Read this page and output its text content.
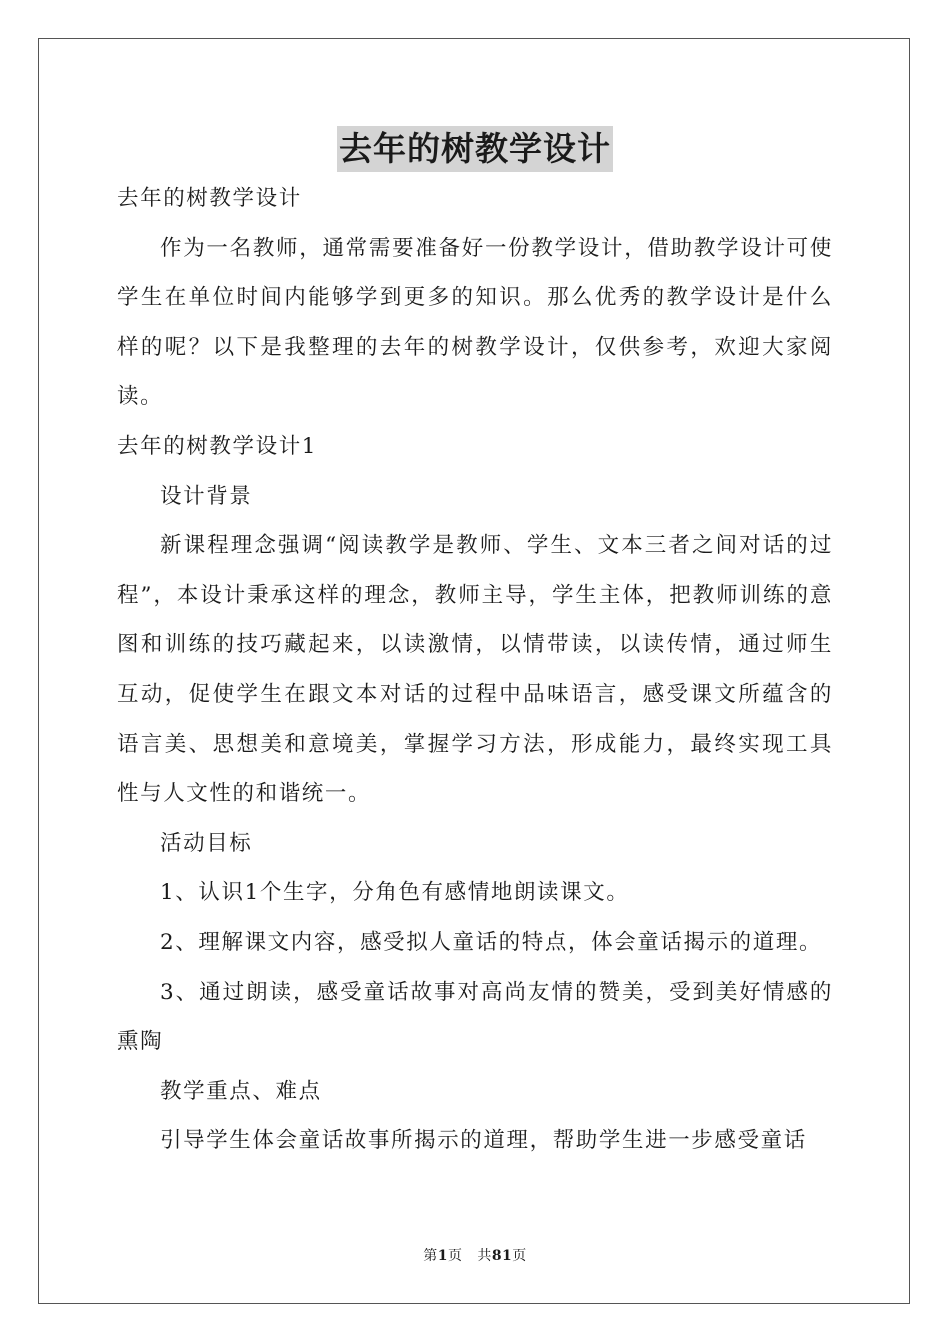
去年的树教学设计

去年的树教学设计

作为一名教师，通常需要准备好一份教学设计，借助教学设计可使学生在单位时间内能够学到更多的知识。那么优秀的教学设计是什么样的呢？以下是我整理的去年的树教学设计，仅供参考，欢迎大家阅读。

去年的树教学设计1

设计背景

新课程理念强调“阅读教学是教师、学生、文本三者之间对话的过程”，本设计秉承这样的理念，教师主导，学生主体，把教师训练的意图和训练的技巧藏起来，以读激情，以情带读，以读传情，通过师生互动，促使学生在跟文本对话的过程中品味语言，感受课文所蕴含的语言美、思想美和意境美，掌握学习方法，形成能力，最终实现工具性与人文性的和谐统一。

活动目标

1、认识1个生字，分角色有感情地朗读课文。

2、理解课文内容，感受拟人童话的特点，体会童话揭示的道理。

3、通过朗读，感受童话故事对高尚友情的赞美，受到美好情感的熏陶

教学重点、难点

引导学生体会童话故事所揭示的道理，帮助学生进一步感受童话

第1页 共81页
